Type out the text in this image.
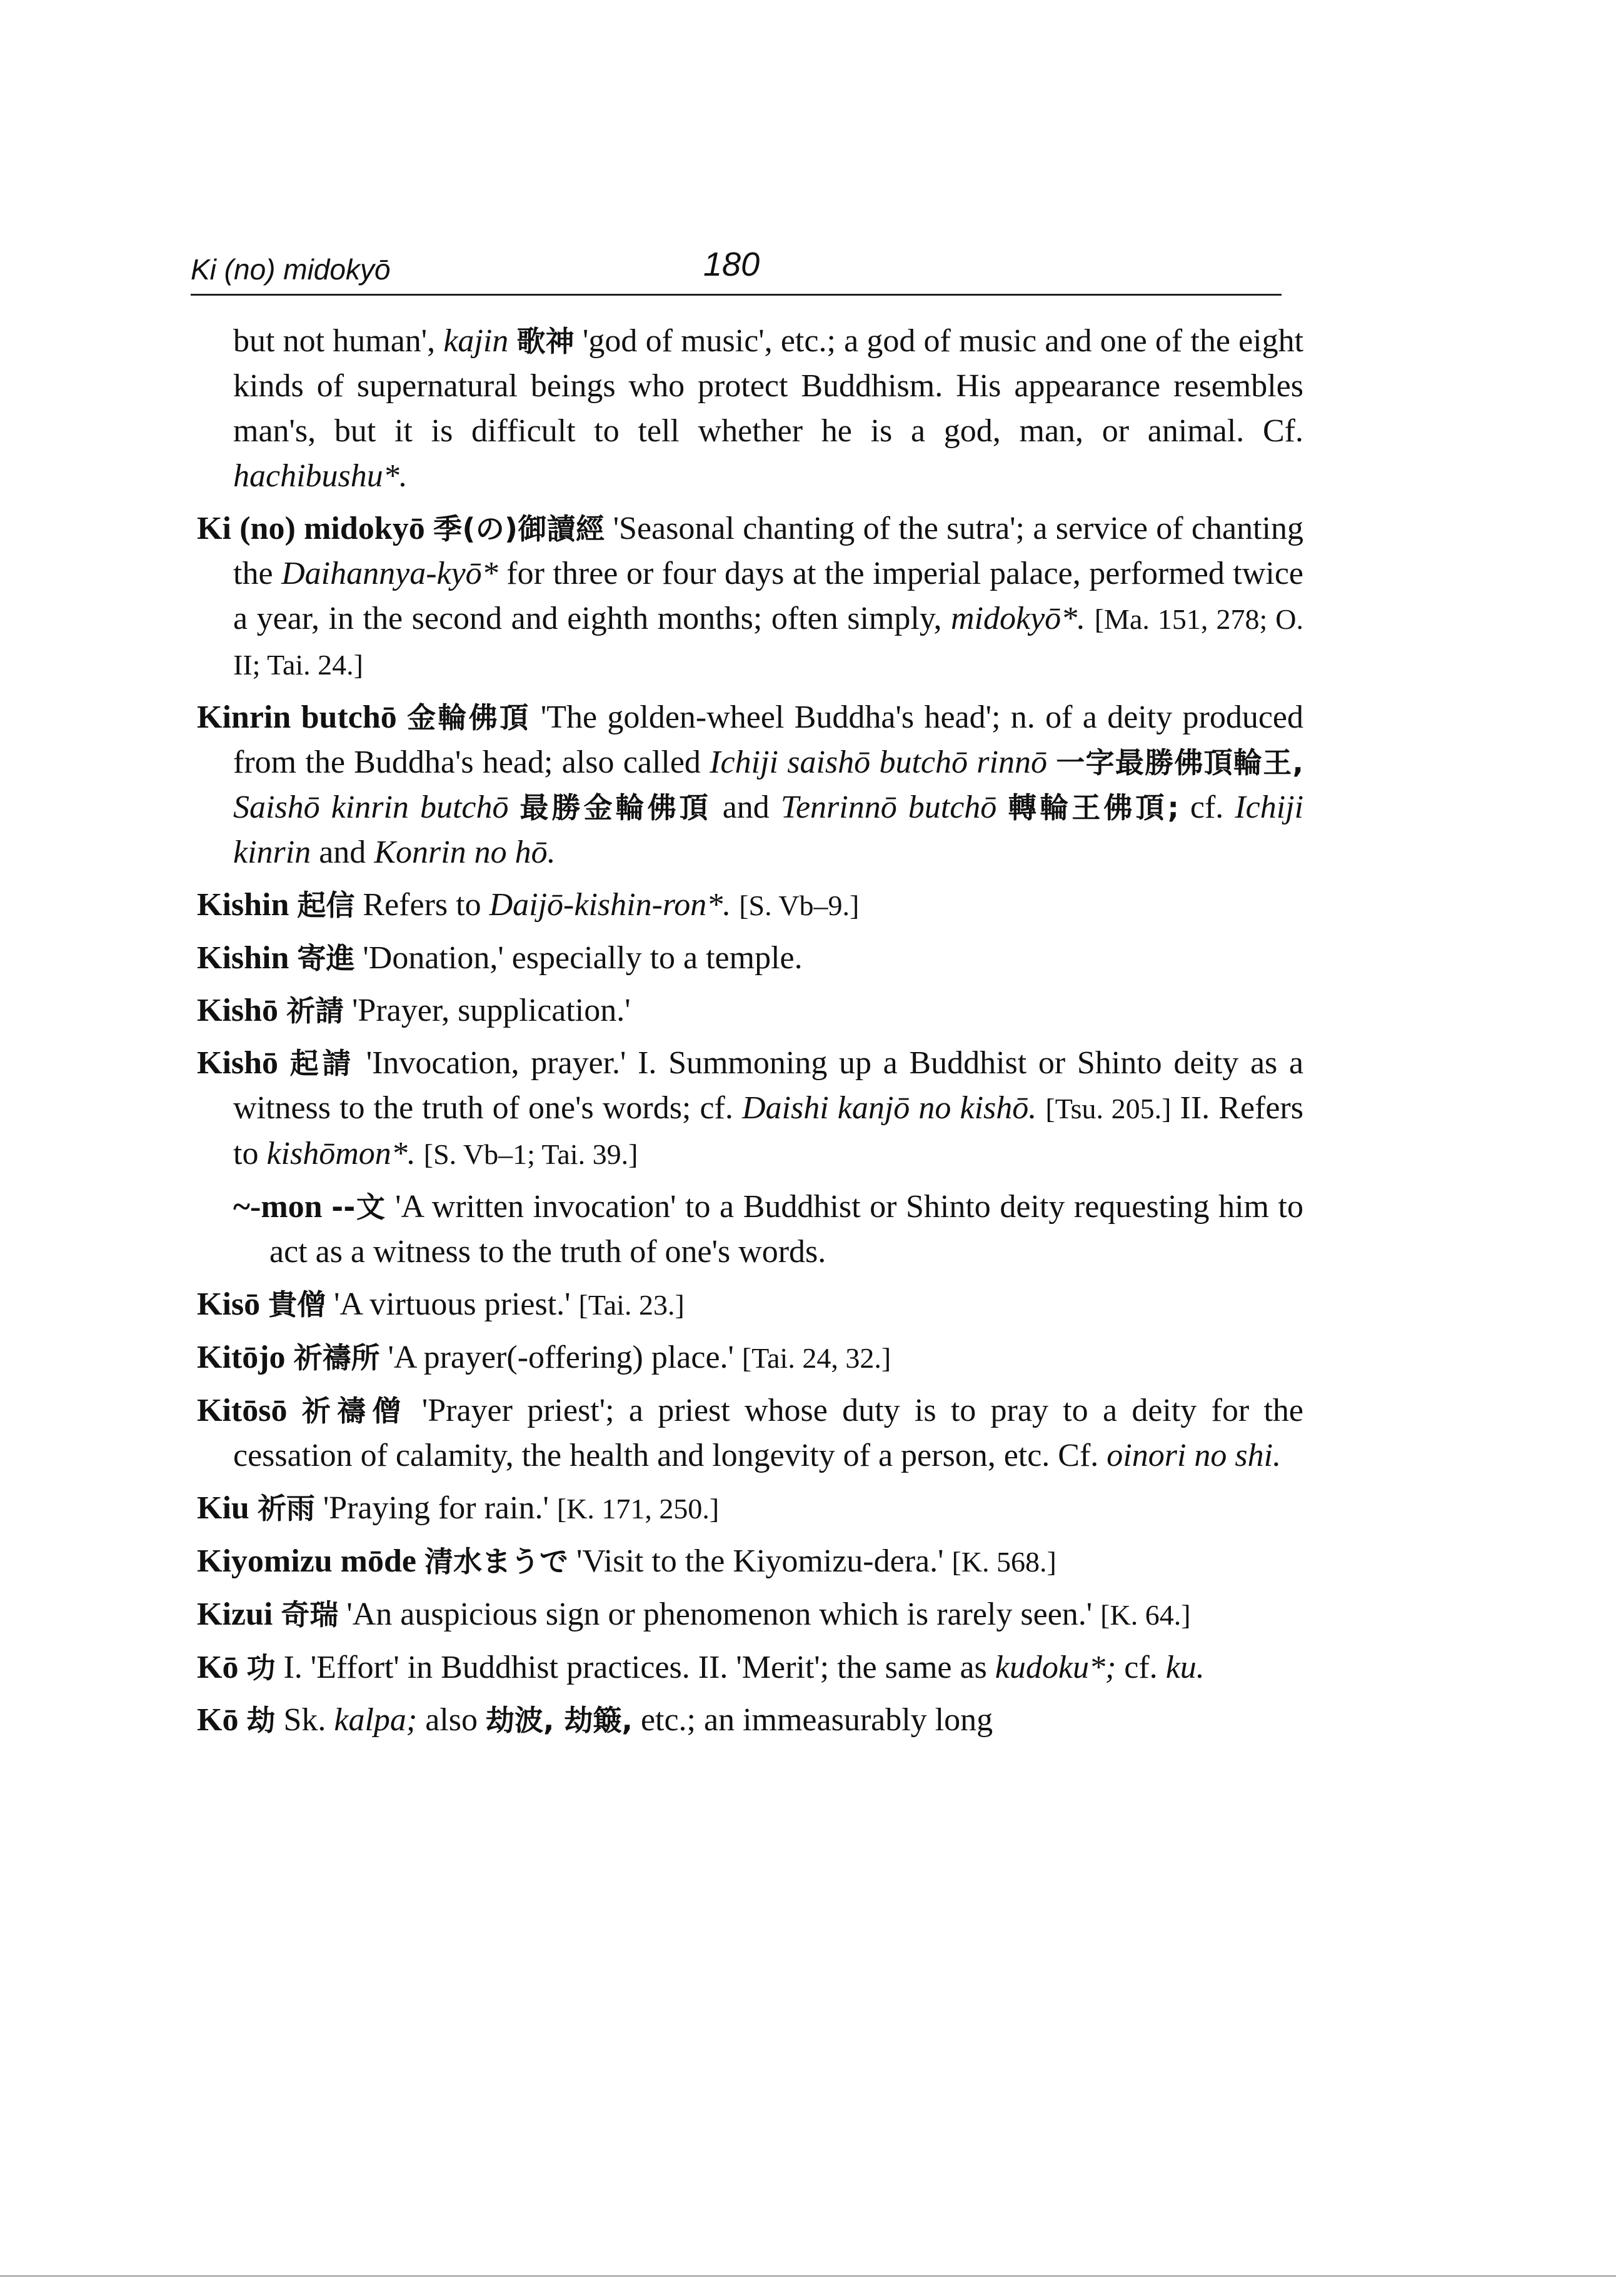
Ki (no) midokyō	180

but not human', kajin 歌神 'god of music', etc.; a god of music and one of the eight kinds of supernatural beings who protect Buddhism. His appearance resembles man's, but it is difficult to tell whether he is a god, man, or animal. Cf. hachibushu*.

Ki (no) midokyō 季(の)御讀經 'Seasonal chanting of the sutra'; a service of chanting the Daihannya-kyō* for three or four days at the imperial palace, performed twice a year, in the second and eighth months; often simply, midokyō*. [Ma. 151, 278; O. II; Tai. 24.]

Kinrin butchō 金輪佛頂 'The golden-wheel Buddha's head'; n. of a deity produced from the Buddha's head; also called Ichiji saishō butchō rinnō 一字最勝佛頂輪王, Saishō kinrin butchō 最勝金輪佛頂 and Tenrinnō butchō 轉輪王佛頂; cf. Ichiji kinrin and Konrin no hō.

Kishin 起信 Refers to Daijō-kishin-ron*. [S. Vb–9.]

Kishin 寄進 'Donation,' especially to a temple.

Kishō 祈請 'Prayer, supplication.'

Kishō 起請 'Invocation, prayer.' I. Summoning up a Buddhist or Shinto deity as a witness to the truth of one's words; cf. Daishi kanjō no kishō. [Tsu. 205.] II. Refers to kishōmon*. [S. Vb–1; Tai. 39.]

~-mon --文 'A written invocation' to a Buddhist or Shinto deity requesting him to act as a witness to the truth of one's words.

Kisō 貴僧 'A virtuous priest.' [Tai. 23.]

Kitōjo 祈禱所 'A prayer(-offering) place.' [Tai. 24, 32.]

Kitōsō 祈禱僧 'Prayer priest'; a priest whose duty is to pray to a deity for the cessation of calamity, the health and longevity of a person, etc. Cf. oinori no shi.

Kiu 祈雨 'Praying for rain.' [K. 171, 250.]

Kiyomizu mōde 清水まうで 'Visit to the Kiyomizu-dera.' [K. 568.]

Kizui 奇瑞 'An auspicious sign or phenomenon which is rarely seen.' [K. 64.]

Kō 功 I. 'Effort' in Buddhist practices. II. 'Merit'; the same as kudoku*; cf. ku.

Kō 劫 Sk. kalpa; also 劫波, 劫簸, etc.; an immeasurably long
